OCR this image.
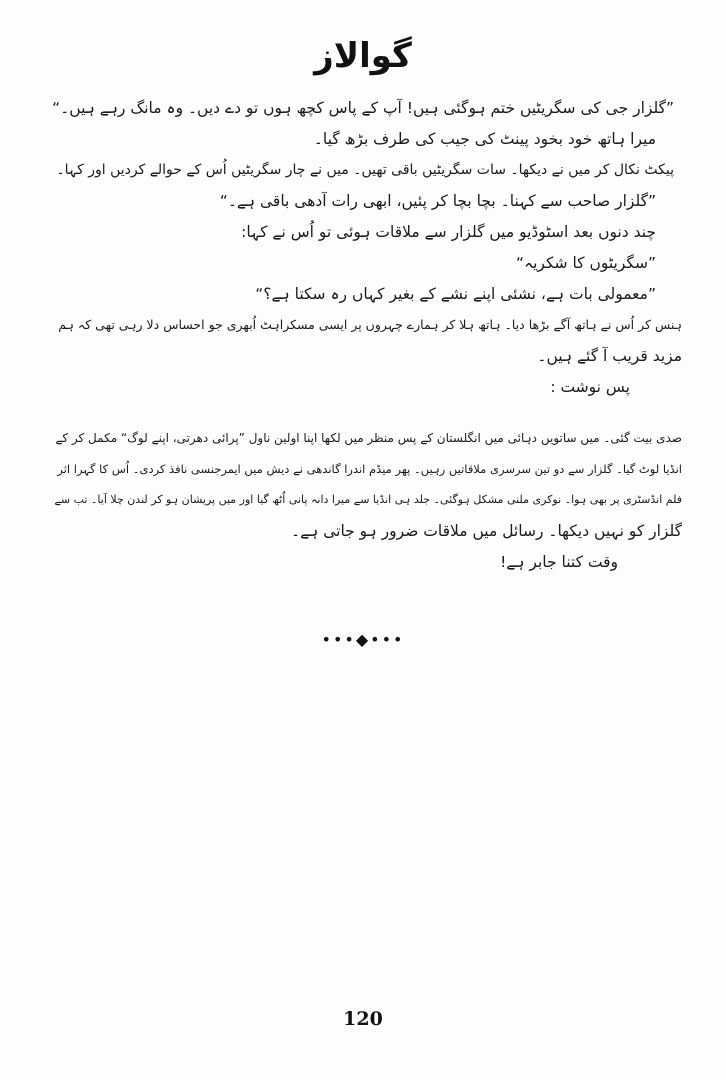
گوالاز

”گلزار جی کی سگریٹیں ختم ہوگئی ہیں! آپ کے پاس کچھ ہوں تو دے دیں۔ وہ مانگ رہے ہیں۔“

میرا ہاتھ خود بخود پینٹ کی جیب کی طرف بڑھ گیا۔

پیکٹ نکال کر میں نے دیکھا۔ سات سگریٹیں باقی تھیں۔ میں نے چار سگریٹیں اُس کے حوالے کردیں اور کہا۔

”گلزار صاحب سے کہنا۔ بچا بچا کر پئیں، ابھی رات آدھی باقی ہے۔“

چند دنوں بعد اسٹوڈیو میں گلزار سے ملاقات ہوئی تو اُس نے کہا:

”سگریٹوں کا شکریہ“

”معمولی بات ہے، نشئی اپنے نشے کے بغیر کہاں رہ سکتا ہے؟“

ہنس کر اُس نے ہاتھ آگے بڑھا دیا۔ ہاتھ ہلا کر ہمارے چہروں پر ایسی مسکراہٹ اُبھری جو احساس دلا رہی تھی کہ ہم

مزید قریب آ گئے ہیں۔

پس نوشت :

صدی بیت گئی۔ میں ساتویں دہائی میں انگلستان کے پس منظر میں لکھا اپنا اولین ناول ”پرائی دھرتی، اپنے لوگ“ مکمل کر کے

انڈیا لوٹ گیا۔ گلزار سے دو تین سرسری ملاقاتیں رہیں۔ پھر میڈم اندرا گاندھی نے دیش میں ایمرجنسی نافذ کردی۔ اُس کا گہرا اثر

فلم انڈسٹری پر بھی ہوا۔ نوکری ملنی مشکل ہوگئی۔ جلد ہی انڈیا سے میرا دانہ پانی اُٹھ گیا اور میں پریشان ہو کر لندن چلا آیا۔ تب سے

گلزار کو نہیں دیکھا۔ رسائل میں ملاقات ضرور ہو جاتی ہے۔

وقت کتنا جابر ہے!

•••◆•••
120
